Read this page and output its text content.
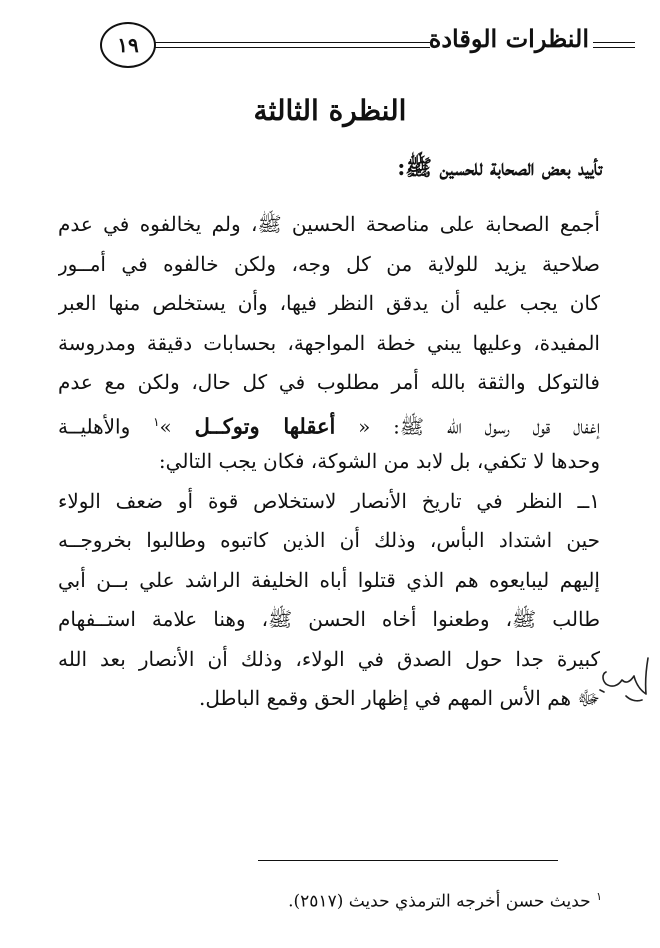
١٩	النظرات الوقادة
النظرة الثالثة
تأييد بعض الصحابة للحسين ﷺ:
أجمع الصحابة على مناصحة الحسين ﷺ، ولم يخالفوه في عدم
صلاحية يزيد للولاية من كل وجه، ولكن خالفوه في أمــور
كان يجب عليه أن يدقق النظر فيها، وأن يستخلص منها العبر
المفيدة، وعليها يبني خطة المواجهة، بحسابات دقيقة ومدروسة
فالتوكل والثقة بالله أمر مطلوب في كل حال، ولكن مع عدم
إغفال قول رسول الله ﷺ: « أعقلها وتوكــل »$^١$ والأهليــة
وحدها لا تكفي، بل لابد من الشوكة، فكان يجب التالي:
١ــ النظر في تاريخ الأنصار لاستخلاص قوة أو ضعف الولاء
حين اشتداد البأس، وذلك أن الذين كاتبوه وطالبوا بخروجــه
إليهم ليبايعوه هم الذي قتلوا أباه الخليفة الراشد علي بــن أبي
طالب ﷺ، وطعنوا أخاه الحسن ﷺ، وهنا علامة استــفهام
كبيرة جدا حول الصدق في الولاء، وذلك أن الأنصار بعد الله
ﷻ هم الأس المهم في إظهار الحق وقمع الباطل.
$^١$ حديث حسن أخرجه الترمذي حديث (٢٥١٧).
